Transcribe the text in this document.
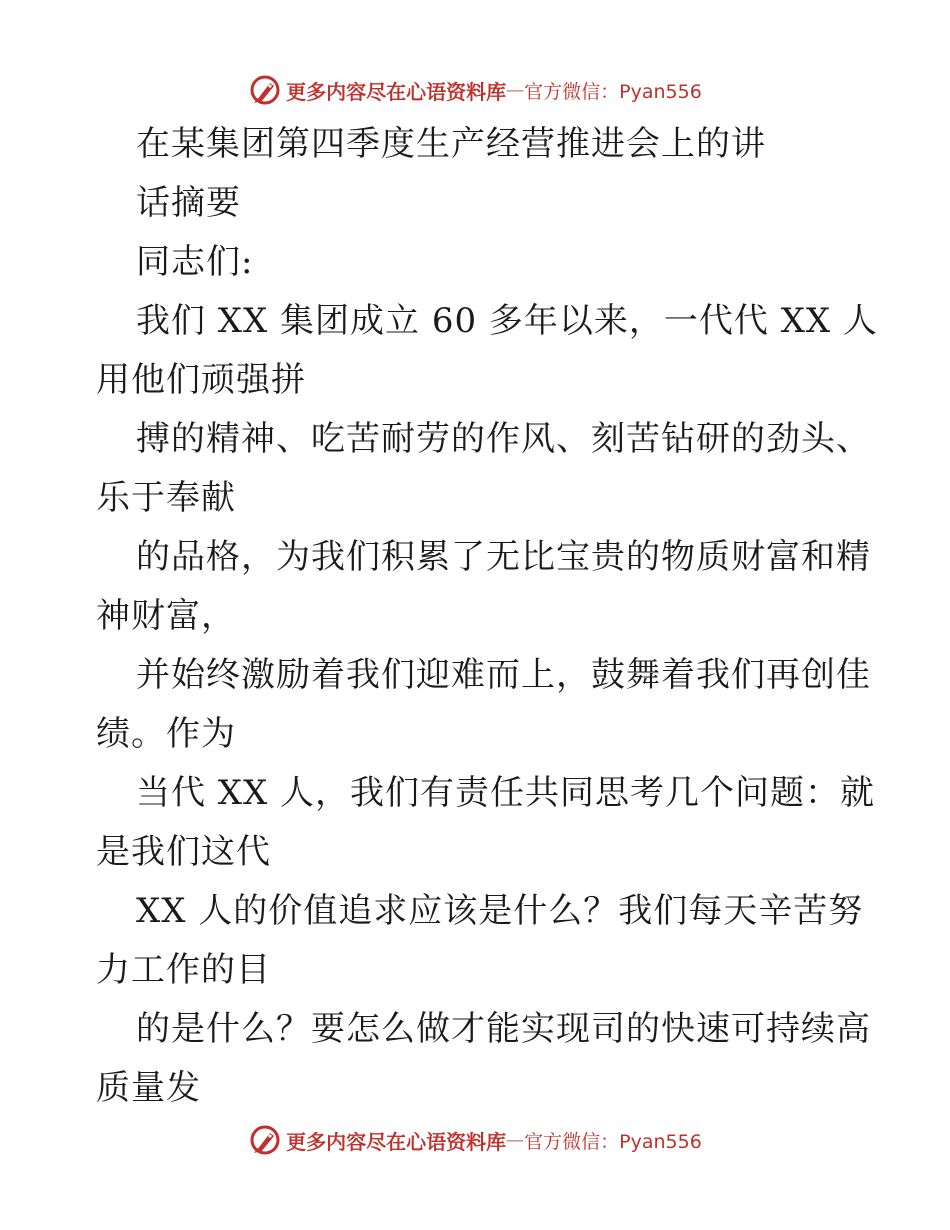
更多内容尽在心语资料库 — 官方微信：Pyan556
在某集团第四季度生产经营推进会上的讲
话摘要
同志们:
我们 XX 集团成立 60 多年以来，一代代 XX 人
用他们顽强拼
搏的精神、吃苦耐劳的作风、刻苦钻研的劲头、
乐于奉献
的品格，为我们积累了无比宝贵的物质财富和精
神财富，
并始终激励着我们迎难而上，鼓舞着我们再创佳
绩。作为
当代 XX 人，我们有责任共同思考几个问题：就
是我们这代
XX 人的价值追求应该是什么？我们每天辛苦努
力工作的目
的是什么？要怎么做才能实现司的快速可持续高
质量发
更多内容尽在心语资料库 — 官方微信：Pyan556
